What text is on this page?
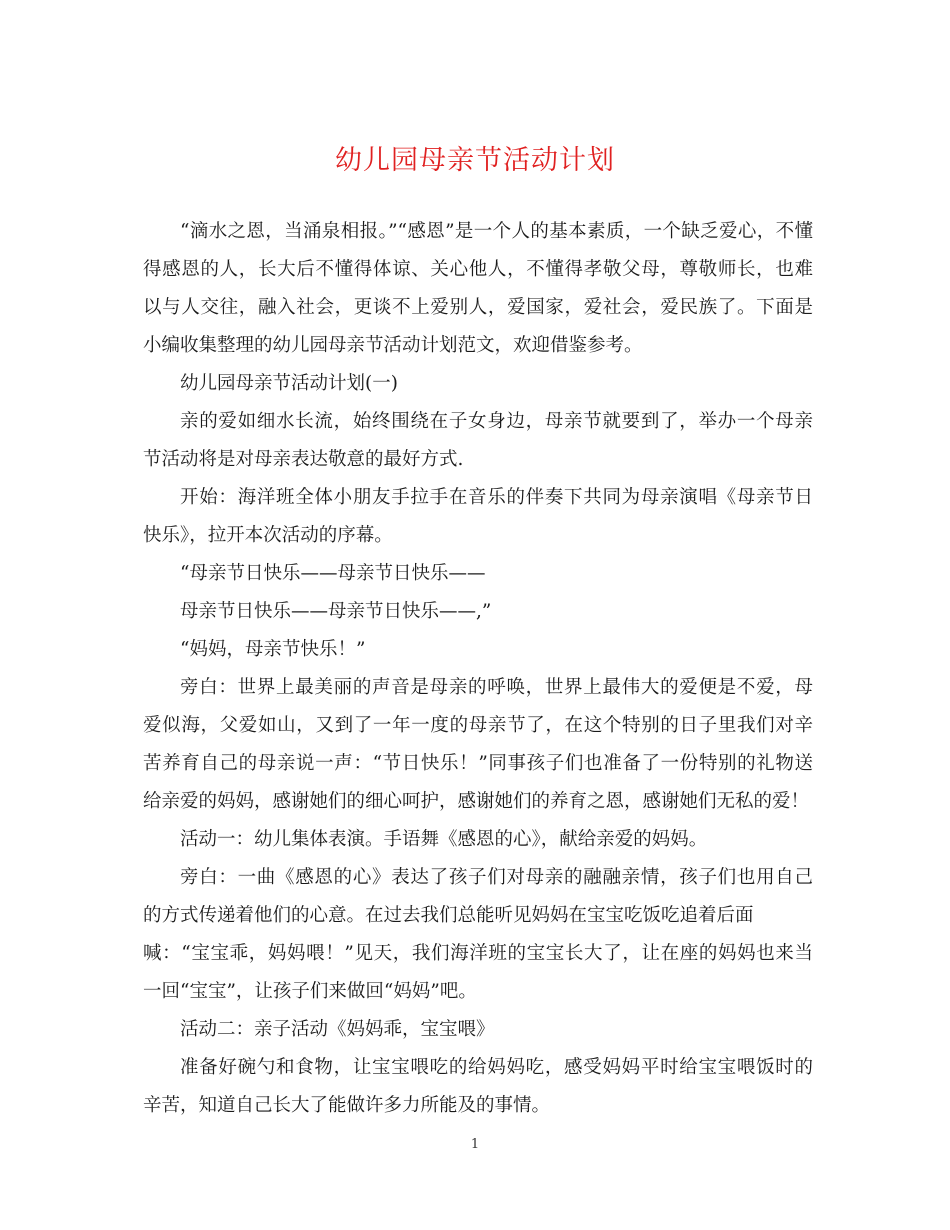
幼儿园母亲节活动计划
“滴水之恩，当涌泉相报。”“感恩”是一个人的基本素质，一个缺乏爱心，不懂
得感恩的人，长大后不懂得体谅、关心他人，不懂得孝敬父母，尊敬师长，也难
以与人交往，融入社会，更谈不上爱别人，爱国家，爱社会，爱民族了。下面是
小编收集整理的幼儿园母亲节活动计划范文，欢迎借鉴参考。
幼儿园母亲节活动计划(一)
亲的爱如细水长流，始终围绕在子女身边，母亲节就要到了，举办一个母亲
节活动将是对母亲表达敬意的最好方式.
开始：海洋班全体小朋友手拉手在音乐的伴奏下共同为母亲演唱《母亲节日
快乐》，拉开本次活动的序幕。
“母亲节日快乐——母亲节日快乐——
母亲节日快乐——母亲节日快乐——,”
“妈妈，母亲节快乐！”
旁白：世界上最美丽的声音是母亲的呼唤，世界上最伟大的爱便是不爱，母
爱似海，父爱如山，又到了一年一度的母亲节了，在这个特别的日子里我们对辛
苦养育自己的母亲说一声：“节日快乐！”同事孩子们也准备了一份特别的礼物送
给亲爱的妈妈，感谢她们的细心呵护，感谢她们的养育之恩，感谢她们无私的爱！
活动一：幼儿集体表演。手语舞《感恩的心》，献给亲爱的妈妈。
旁白：一曲《感恩的心》表达了孩子们对母亲的融融亲情，孩子们也用自己
的方式传递着他们的心意。在过去我们总能听见妈妈在宝宝吃饭吃追着后面
喊：“宝宝乖，妈妈喂！”见天，我们海洋班的宝宝长大了，让在座的妈妈也来当
一回“宝宝”，让孩子们来做回“妈妈”吧。
活动二：亲子活动《妈妈乖，宝宝喂》
准备好碗勺和食物，让宝宝喂吃的给妈妈吃，感受妈妈平时给宝宝喂饭时的
辛苦，知道自己长大了能做许多力所能及的事情。
1
